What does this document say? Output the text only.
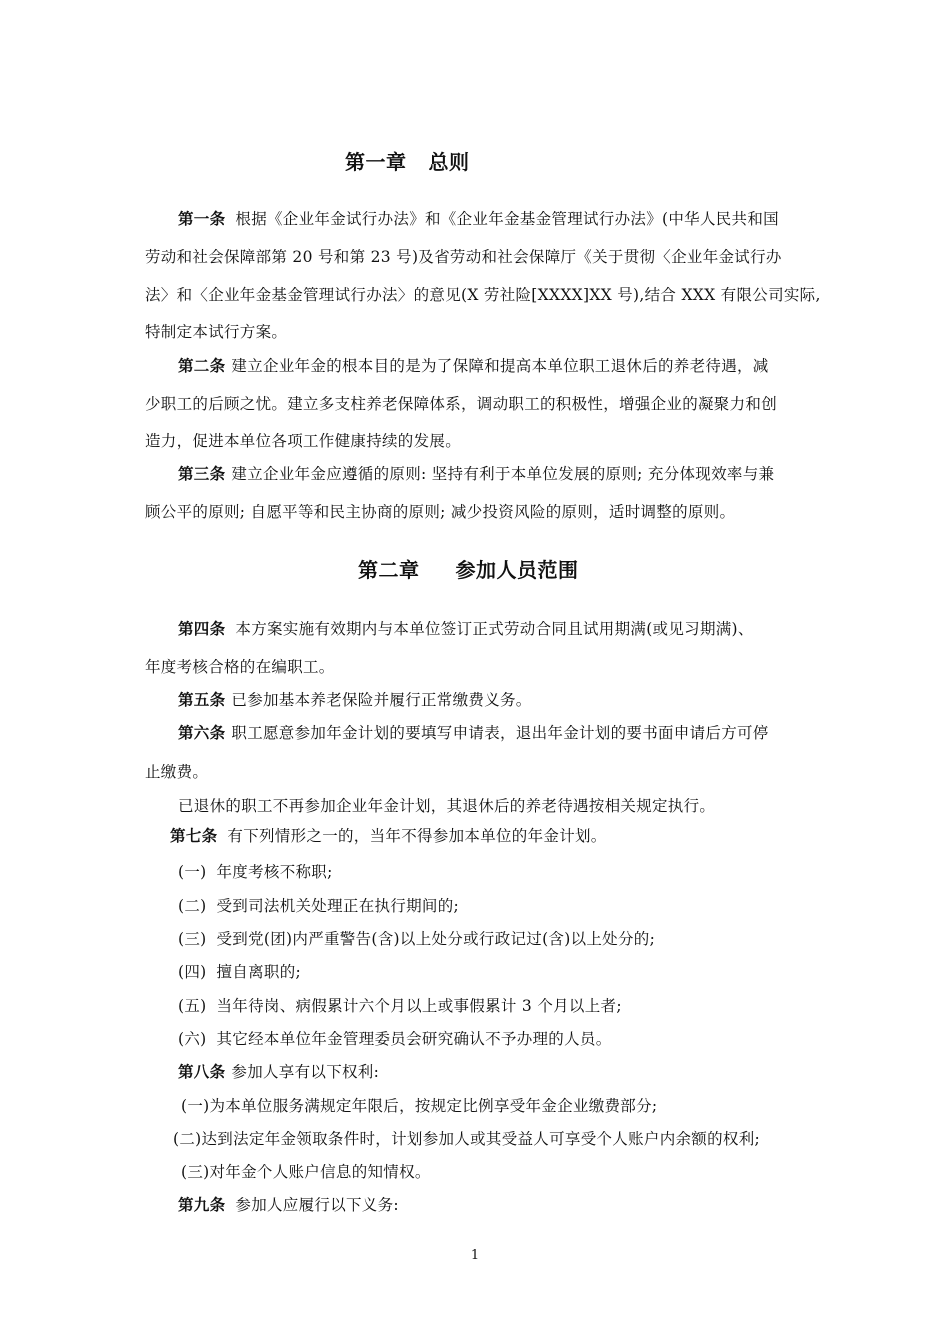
第一章 总则
第一条 根据《企业年金试行办法》和《企业年金基金管理试行办法》(中华人民共和国
劳动和社会保障部第 20 号和第 23 号)及省劳动和社会保障厅《关于贯彻〈企业年金试行办
法〉和〈企业年金基金管理试行办法〉的意见(X 劳社险[XXXX]XX 号),结合 XXX 有限公司实际,
特制定本试行方案。
第二条 建立企业年金的根本目的是为了保障和提高本单位职工退休后的养老待遇，减
少职工的后顾之忧。建立多支柱养老保障体系，调动职工的积极性，增强企业的凝聚力和创
造力，促进本单位各项工作健康持续的发展。
第三条 建立企业年金应遵循的原则: 坚持有利于本单位发展的原则; 充分体现效率与兼
顾公平的原则; 自愿平等和民主协商的原则; 减少投资风险的原则，适时调整的原则。
第二章 参加人员范围
第四条 本方案实施有效期内与本单位签订正式劳动合同且试用期满(或见习期满)、
年度考核合格的在编职工。
第五条 已参加基本养老保险并履行正常缴费义务。
第六条 职工愿意参加年金计划的要填写申请表，退出年金计划的要书面申请后方可停
止缴费。
已退休的职工不再参加企业年金计划，其退休后的养老待遇按相关规定执行。
第七条 有下列情形之一的，当年不得参加本单位的年金计划。
(一) 年度考核不称职;
(二) 受到司法机关处理正在执行期间的;
(三) 受到党(团)内严重警告(含)以上处分或行政记过(含)以上处分的;
(四) 擅自离职的;
(五) 当年待岗、病假累计六个月以上或事假累计 3 个月以上者;
(六) 其它经本单位年金管理委员会研究确认不予办理的人员。
第八条 参加人享有以下权利:
(一)为本单位服务满规定年限后，按规定比例享受年金企业缴费部分;
(二)达到法定年金领取条件时，计划参加人或其受益人可享受个人账户内余额的权利;
(三)对年金个人账户信息的知情权。
第九条 参加人应履行以下义务:
1
